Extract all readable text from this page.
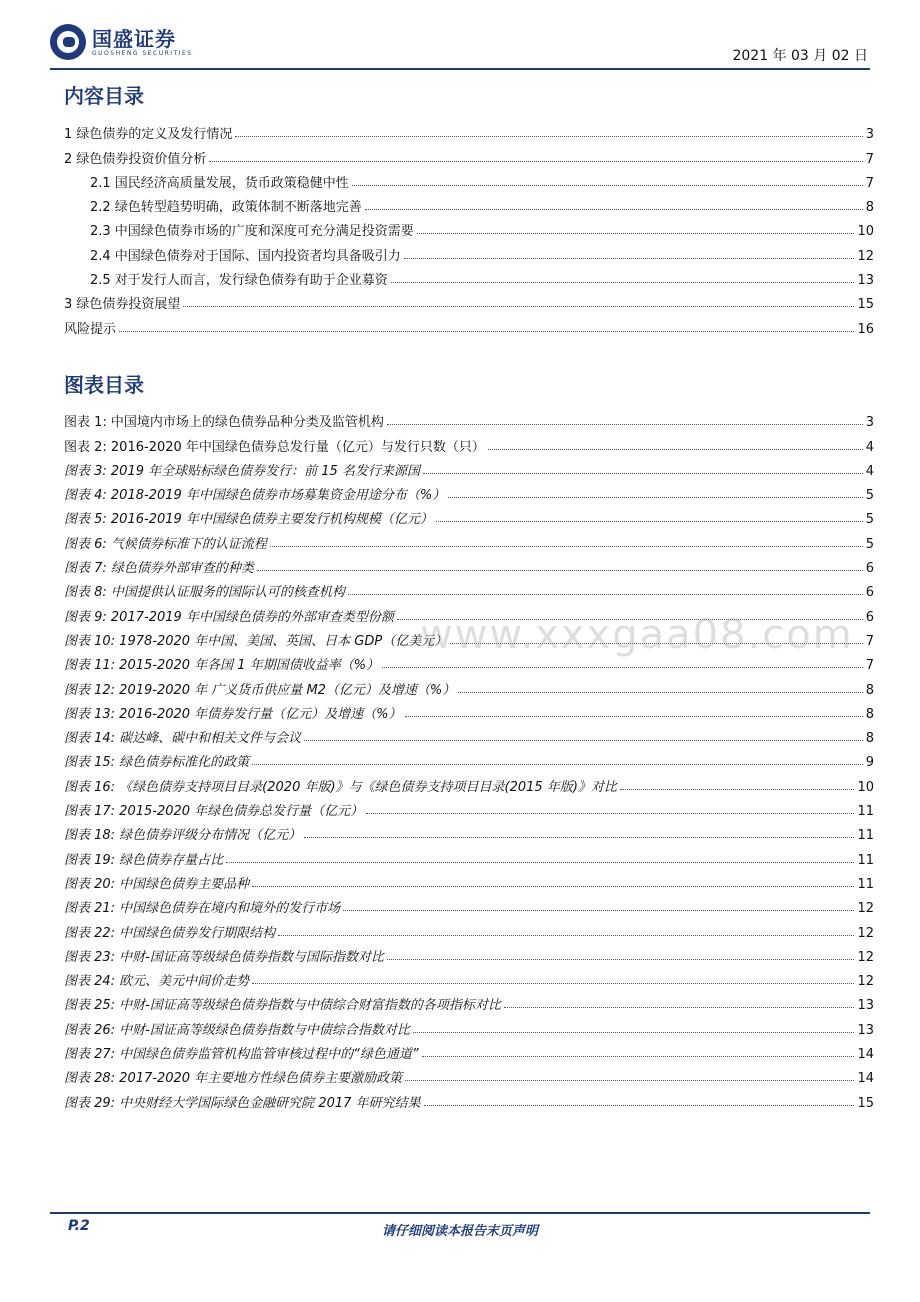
国盛证券
GUOSHENG SECURITIES	2021 年 03 月 02 日
内容目录
1 绿色债券的定义及发行情况	3
2 绿色债券投资价值分析	7
2.1 国民经济高质量发展，货币政策稳健中性	7
2.2 绿色转型趋势明确，政策体制不断落地完善	8
2.3 中国绿色债券市场的广度和深度可充分满足投资需要	10
2.4 中国绿色债券对于国际、国内投资者均具备吸引力	12
2.5 对于发行人而言，发行绿色债券有助于企业募资	13
3 绿色债券投资展望	15
风险提示	16
图表目录
图表 1: 中国境内市场上的绿色债券品种分类及监管机构	3
图表 2: 2016-2020 年中国绿色债券总发行量（亿元）与发行只数（只）	4
图表 3: 2019 年全球贴标绿色债券发行：前 15 名发行来源国	4
图表 4: 2018-2019 年中国绿色债券市场募集资金用途分布（%）	5
图表 5: 2016-2019 年中国绿色债券主要发行机构规模（亿元）	5
图表 6: 气候债券标准下的认证流程	5
图表 7: 绿色债券外部审查的种类	6
图表 8: 中国提供认证服务的国际认可的核查机构	6
图表 9: 2017-2019 年中国绿色债券的外部审查类型份额	6
图表 10: 1978-2020 年中国、美国、英国、日本 GDP（亿美元）	7
图表 11: 2015-2020 年各国 1 年期国债收益率（%）	7
图表 12: 2019-2020 年 广义货币供应量 M2（亿元）及增速（%）	8
图表 13: 2016-2020 年债券发行量（亿元）及增速（%）	8
图表 14: 碳达峰、碳中和相关文件与会议	8
图表 15: 绿色债券标准化的政策	9
图表 16: 《绿色债券支持项目目录(2020 年版)》与《绿色债券支持项目目录(2015 年版)》对比	10
图表 17: 2015-2020 年绿色债券总发行量（亿元）	11
图表 18: 绿色债券评级分布情况（亿元）	11
图表 19: 绿色债券存量占比	11
图表 20: 中国绿色债券主要品种	11
图表 21: 中国绿色债券在境内和境外的发行市场	12
图表 22: 中国绿色债券发行期限结构	12
图表 23: 中财-国证高等级绿色债券指数与国际指数对比	12
图表 24: 欧元、美元中间价走势	12
图表 25: 中财-国证高等级绿色债券指数与中债综合财富指数的各项指标对比	13
图表 26: 中财-国证高等级绿色债券指数与中债综合指数对比	13
图表 27: 中国绿色债券监管机构监管审核过程中的“绿色通道”	14
图表 28: 2017-2020 年主要地方性绿色债券主要激励政策	14
图表 29: 中央财经大学国际绿色金融研究院 2017 年研究结果	15
www.xxxgaa08.com
P.2	请仔细阅读本报告末页声明
